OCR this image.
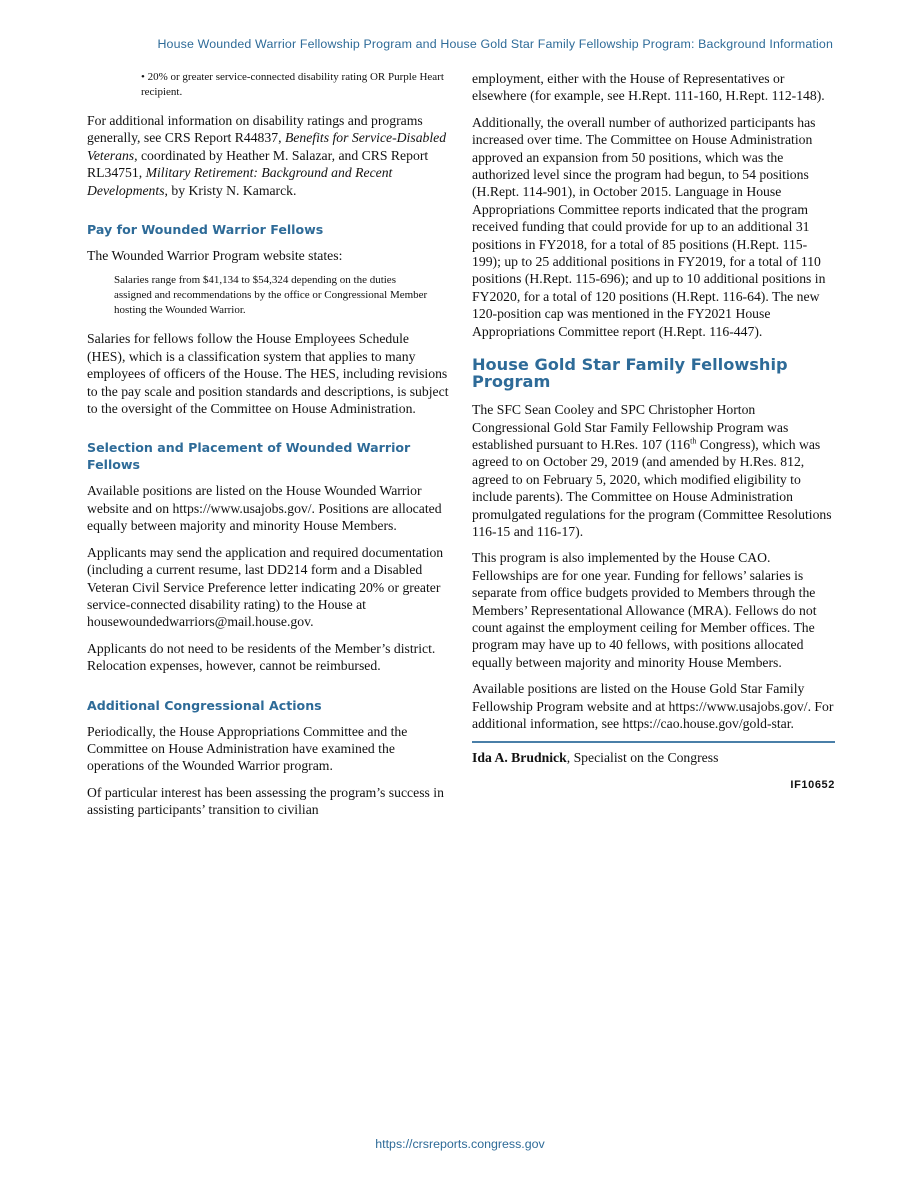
House Wounded Warrior Fellowship Program and House Gold Star Family Fellowship Program: Background Information

• 20% or greater service-connected disability rating OR Purple Heart recipient.

For additional information on disability ratings and programs generally, see CRS Report R44837, Benefits for Service-Disabled Veterans, coordinated by Heather M. Salazar, and CRS Report RL34751, Military Retirement: Background and Recent Developments, by Kristy N. Kamarck.

Pay for Wounded Warrior Fellows

The Wounded Warrior Program website states:

Salaries range from $41,134 to $54,324 depending on the duties assigned and recommendations by the office or Congressional Member hosting the Wounded Warrior.

Salaries for fellows follow the House Employees Schedule (HES), which is a classification system that applies to many employees of officers of the House. The HES, including revisions to the pay scale and position standards and descriptions, is subject to the oversight of the Committee on House Administration.

Selection and Placement of Wounded Warrior Fellows

Available positions are listed on the House Wounded Warrior website and on https://www.usajobs.gov/. Positions are allocated equally between majority and minority House Members.

Applicants may send the application and required documentation (including a current resume, last DD214 form and a Disabled Veteran Civil Service Preference letter indicating 20% or greater service-connected disability rating) to the House at housewoundedwarriors@mail.house.gov.

Applicants do not need to be residents of the Member’s district. Relocation expenses, however, cannot be reimbursed.

Additional Congressional Actions

Periodically, the House Appropriations Committee and the Committee on House Administration have examined the operations of the Wounded Warrior program.

Of particular interest has been assessing the program’s success in assisting participants’ transition to civilian

employment, either with the House of Representatives or elsewhere (for example, see H.Rept. 111-160, H.Rept. 112-148).

Additionally, the overall number of authorized participants has increased over time. The Committee on House Administration approved an expansion from 50 positions, which was the authorized level since the program had begun, to 54 positions (H.Rept. 114-901), in October 2015. Language in House Appropriations Committee reports indicated that the program received funding that could provide for up to an additional 31 positions in FY2018, for a total of 85 positions (H.Rept. 115-199); up to 25 additional positions in FY2019, for a total of 110 positions (H.Rept. 115-696); and up to 10 additional positions in FY2020, for a total of 120 positions (H.Rept. 116-64). The new 120-position cap was mentioned in the FY2021 House Appropriations Committee report (H.Rept. 116-447).

House Gold Star Family Fellowship Program

The SFC Sean Cooley and SPC Christopher Horton Congressional Gold Star Family Fellowship Program was established pursuant to H.Res. 107 (116th Congress), which was agreed to on October 29, 2019 (and amended by H.Res. 812, agreed to on February 5, 2020, which modified eligibility to include parents). The Committee on House Administration promulgated regulations for the program (Committee Resolutions 116-15 and 116-17).

This program is also implemented by the House CAO. Fellowships are for one year. Funding for fellows’ salaries is separate from office budgets provided to Members through the Members’ Representational Allowance (MRA). Fellows do not count against the employment ceiling for Member offices. The program may have up to 40 fellows, with positions allocated equally between majority and minority House Members.

Available positions are listed on the House Gold Star Family Fellowship Program website and at https://www.usajobs.gov/. For additional information, see https://cao.house.gov/gold-star.

Ida A. Brudnick, Specialist on the Congress

IF10652
https://crsreports.congress.gov
